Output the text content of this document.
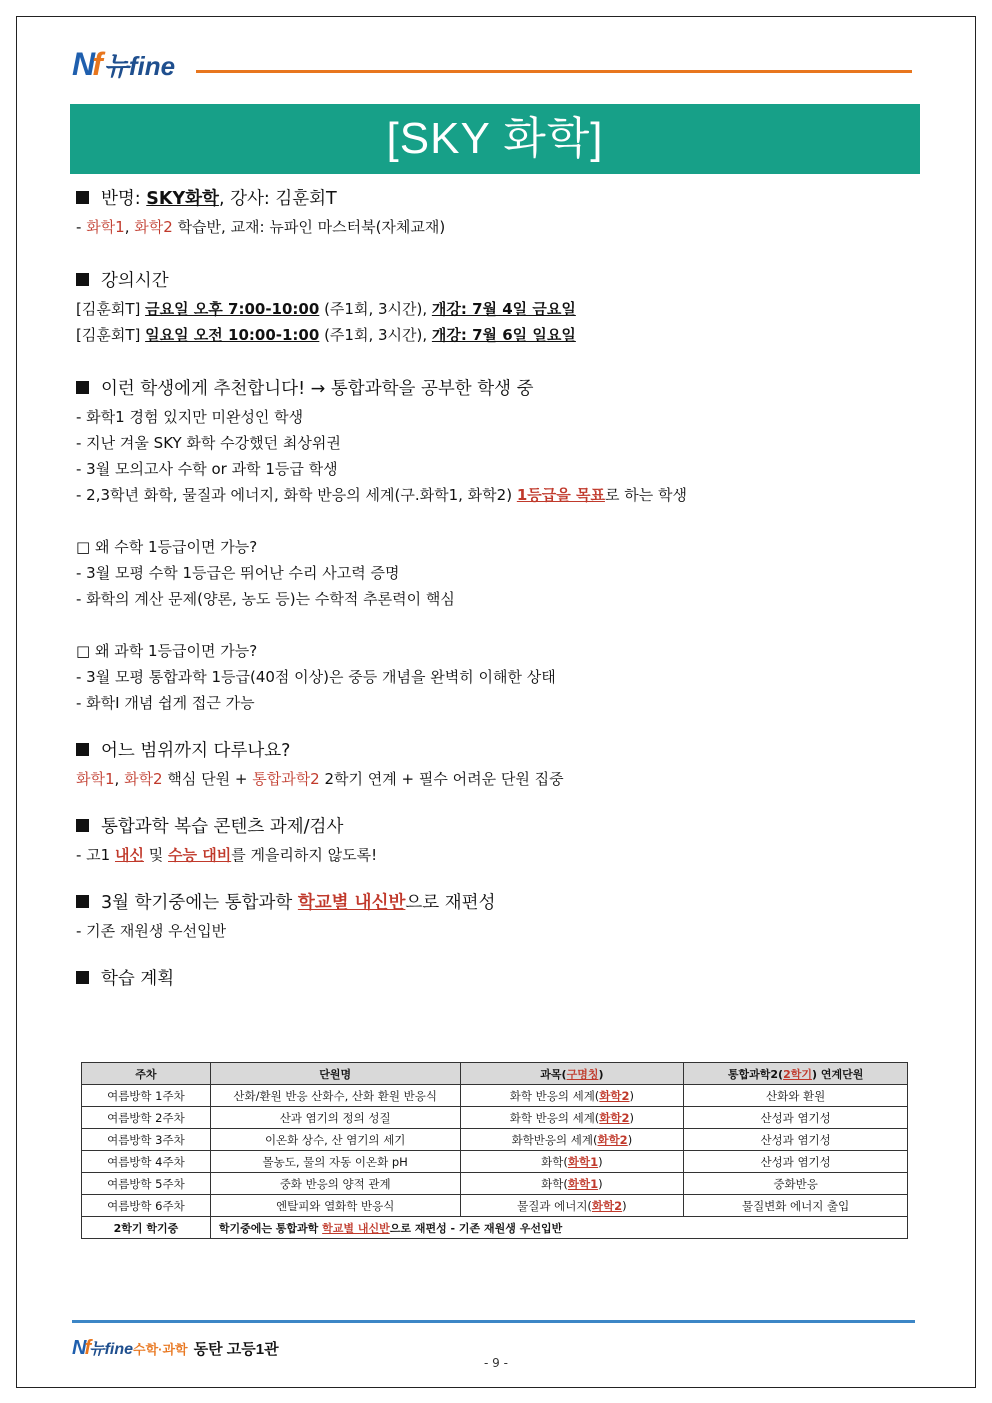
Nf 뉴fine
[SKY 화학]

반명: SKY화학, 강사: 김훈회T

- 화학1, 화학2 학습반, 교재: 뉴파인 마스터북(자체교재)

강의시간

[김훈회T] 금요일 오후 7:00-10:00 (주1회, 3시간), 개강: 7월 4일 금요일

[김훈회T] 일요일 오전 10:00-1:00 (주1회, 3시간), 개강: 7월 6일 일요일

이런 학생에게 추천합니다! → 통합과학을 공부한 학생 중

- 화학1 경험 있지만 미완성인 학생

- 지난 겨울 SKY 화학 수강했던 최상위권

- 3월 모의고사 수학 or 과학 1등급 학생

- 2,3학년 화학, 물질과 에너지, 화학 반응의 세계(구.화학1, 화학2) 1등급을 목표로 하는 학생

□ 왜 수학 1등급이면 가능?

- 3월 모평 수학 1등급은 뛰어난 수리 사고력 증명

- 화학의 계산 문제(양론, 농도 등)는 수학적 추론력이 핵심

□ 왜 과학 1등급이면 가능?

- 3월 모평 통합과학 1등급(40점 이상)은 중등 개념을 완벽히 이해한 상태

- 화학Ⅰ 개념 쉽게 접근 가능

어느 범위까지 다루나요?

화학1, 화학2 핵심 단원 + 통합과학2 2학기 연계 + 필수 어려운 단원 집중

통합과학 복습 콘텐츠 과제/검사

- 고1 내신 및 수능 대비를 게을리하지 않도록!

3월 학기중에는 통합과학 학교별 내신반으로 재편성

- 기존 재원생 우선입반

학습 계획

주차	단원명	과목(구명칭)	통합과학2(2학기) 연계단원
여름방학 1주차	산화/환원 반응 산화수, 산화 환원 반응식	화학 반응의 세계(화학2)	산화와 환원
여름방학 2주차	산과 염기의 정의 성질	화학 반응의 세계(화학2)	산성과 염기성
여름방학 3주차	이온화 상수, 산 염기의 세기	화학반응의 세계(화학2)	산성과 염기성
여름방학 4주차	몰농도, 물의 자동 이온화 pH	화학(화학1)	산성과 염기성
여름방학 5주차	중화 반응의 양적 관계	화학(화학1)	중화반응
여름방학 6주차	엔탈피와 열화학 반응식	물질과 에너지(화학2)	물질변화 에너지 출입
2학기 학기중	학기중에는 통합과학 학교별 내신반으로 재편성 - 기존 재원생 우선입반		
Nf뉴fine수학·과학 동탄 고등1관
- 9 -
